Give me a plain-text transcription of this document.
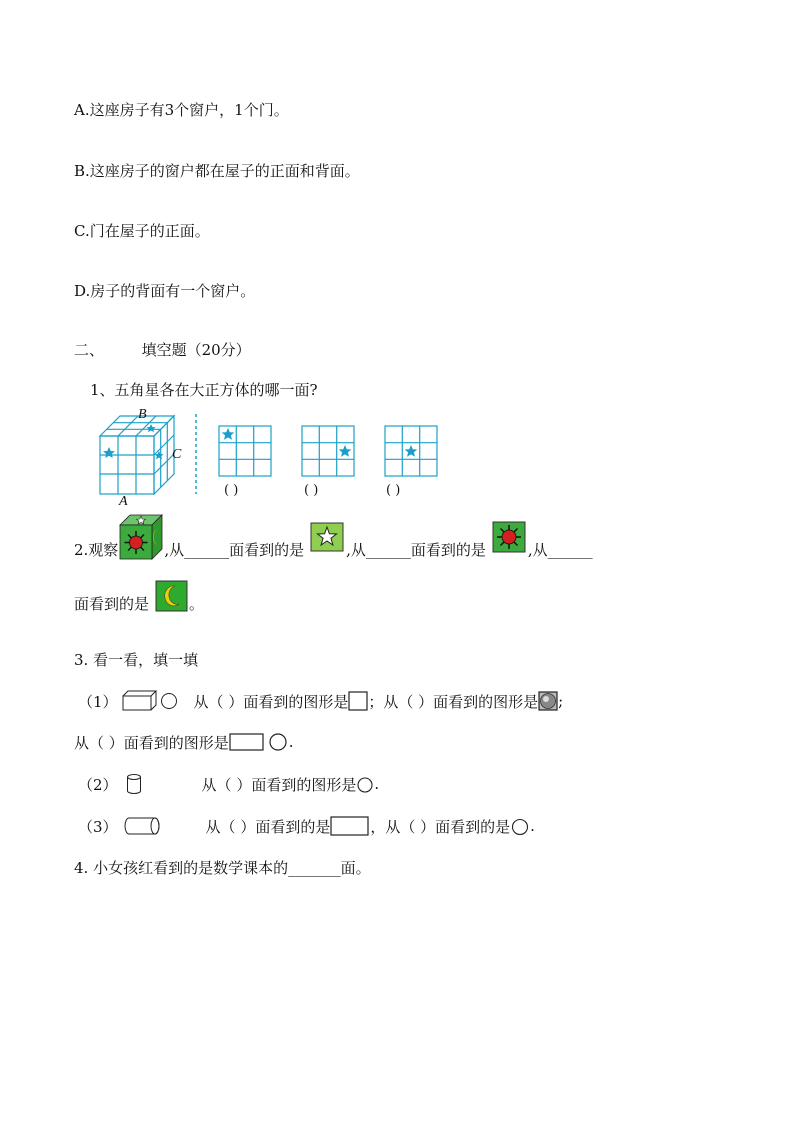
A.这座房子有3个窗户，1个门。
B.这座房子的窗户都在屋子的正面和背面。
C.门在屋子的正面。
D.房子的背面有一个窗户。
二、	填空题（20分）
1、五角星各在大正方体的哪一面?
B
C
A
( )	( )	( )
2.观察	,从______面看到的是	,从______面看到的是	,从______
面看到的是	。
3. 看一看，填一填
（1）	从（ ）面看到的图形是 ；从（ ）面看到的图形是 ;
从（ ）面看到的图形是	.
（2）	从（ ）面看到的图形是 .
（3）	从（ ）面看到的是	，从（ ）面看到的是 .
4. 小女孩红看到的是数学课本的_______面。
